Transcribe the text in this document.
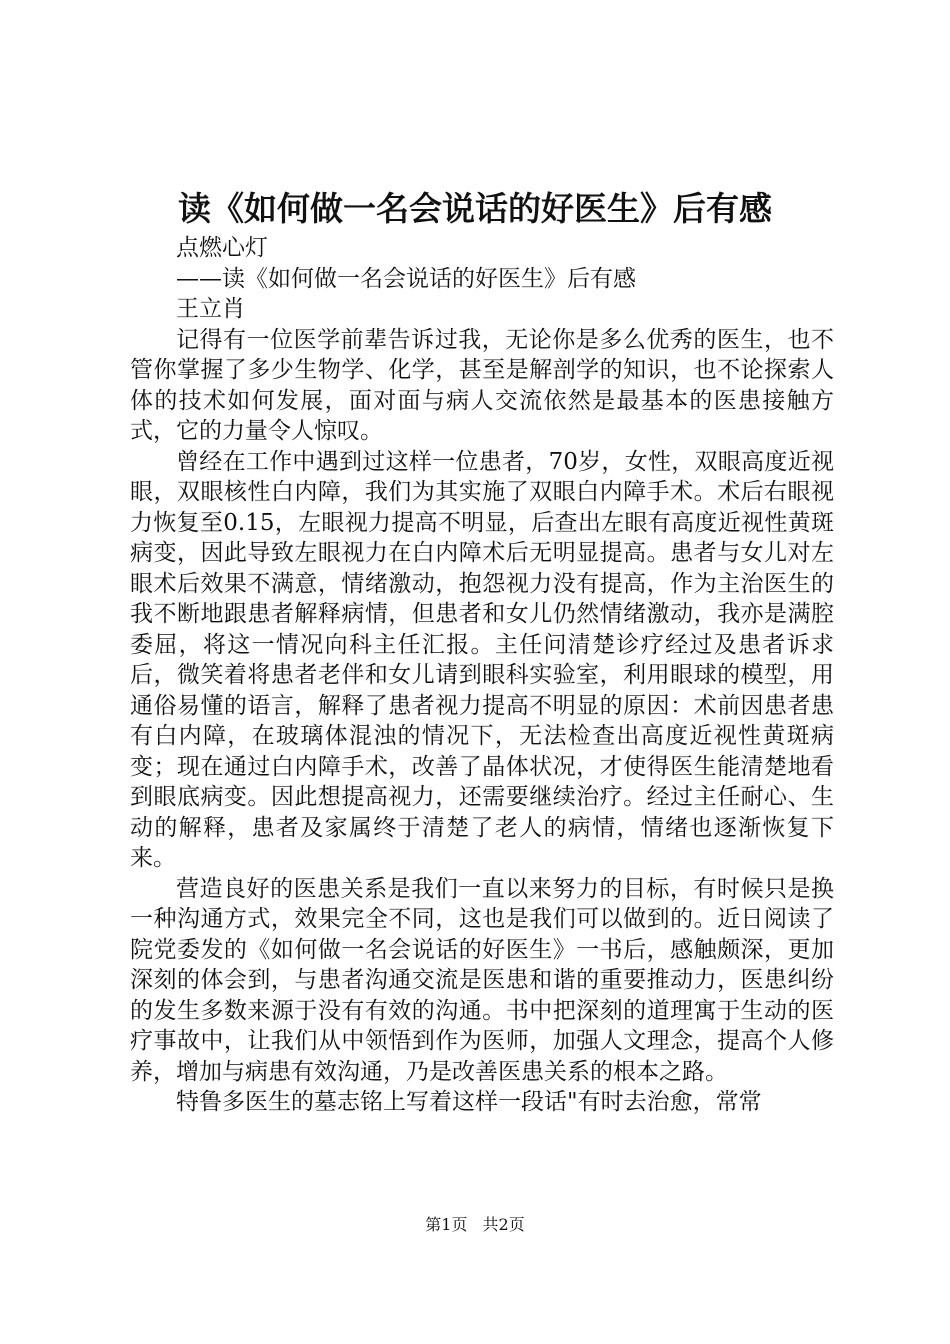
读《如何做一名会说话的好医生》后有感

点燃心灯

——读《如何做一名会说话的好医生》后有感

王立肖

记得有一位医学前辈告诉过我，无论你是多么优秀的医生，也不管你掌握了多少生物学、化学，甚至是解剖学的知识，也不论探索人体的技术如何发展，面对面与病人交流依然是最基本的医患接触方式，它的力量令人惊叹。

曾经在工作中遇到过这样一位患者，70岁，女性，双眼高度近视眼，双眼核性白内障，我们为其实施了双眼白内障手术。术后右眼视力恢复至0.15，左眼视力提高不明显，后查出左眼有高度近视性黄斑病变，因此导致左眼视力在白内障术后无明显提高。患者与女儿对左眼术后效果不满意，情绪激动，抱怨视力没有提高，作为主治医生的我不断地跟患者解释病情，但患者和女儿仍然情绪激动，我亦是满腔委屈，将这一情况向科主任汇报。主任问清楚诊疗经过及患者诉求后，微笑着将患者老伴和女儿请到眼科实验室，利用眼球的模型，用通俗易懂的语言，解释了患者视力提高不明显的原因：术前因患者患有白内障，在玻璃体混浊的情况下，无法检查出高度近视性黄斑病变；现在通过白内障手术，改善了晶体状况，才使得医生能清楚地看到眼底病变。因此想提高视力，还需要继续治疗。经过主任耐心、生动的解释，患者及家属终于清楚了老人的病情，情绪也逐渐恢复下来。

营造良好的医患关系是我们一直以来努力的目标，有时候只是换一种沟通方式，效果完全不同，这也是我们可以做到的。近日阅读了院党委发的《如何做一名会说话的好医生》一书后，感触颇深，更加深刻的体会到，与患者沟通交流是医患和谐的重要推动力，医患纠纷的发生多数来源于没有有效的沟通。书中把深刻的道理寓于生动的医疗事故中，让我们从中领悟到作为医师，加强人文理念，提高个人修养，增加与病患有效沟通，乃是改善医患关系的根本之路。

特鲁多医生的墓志铭上写着这样一段话"有时去治愈，常常

第1页 共2页
